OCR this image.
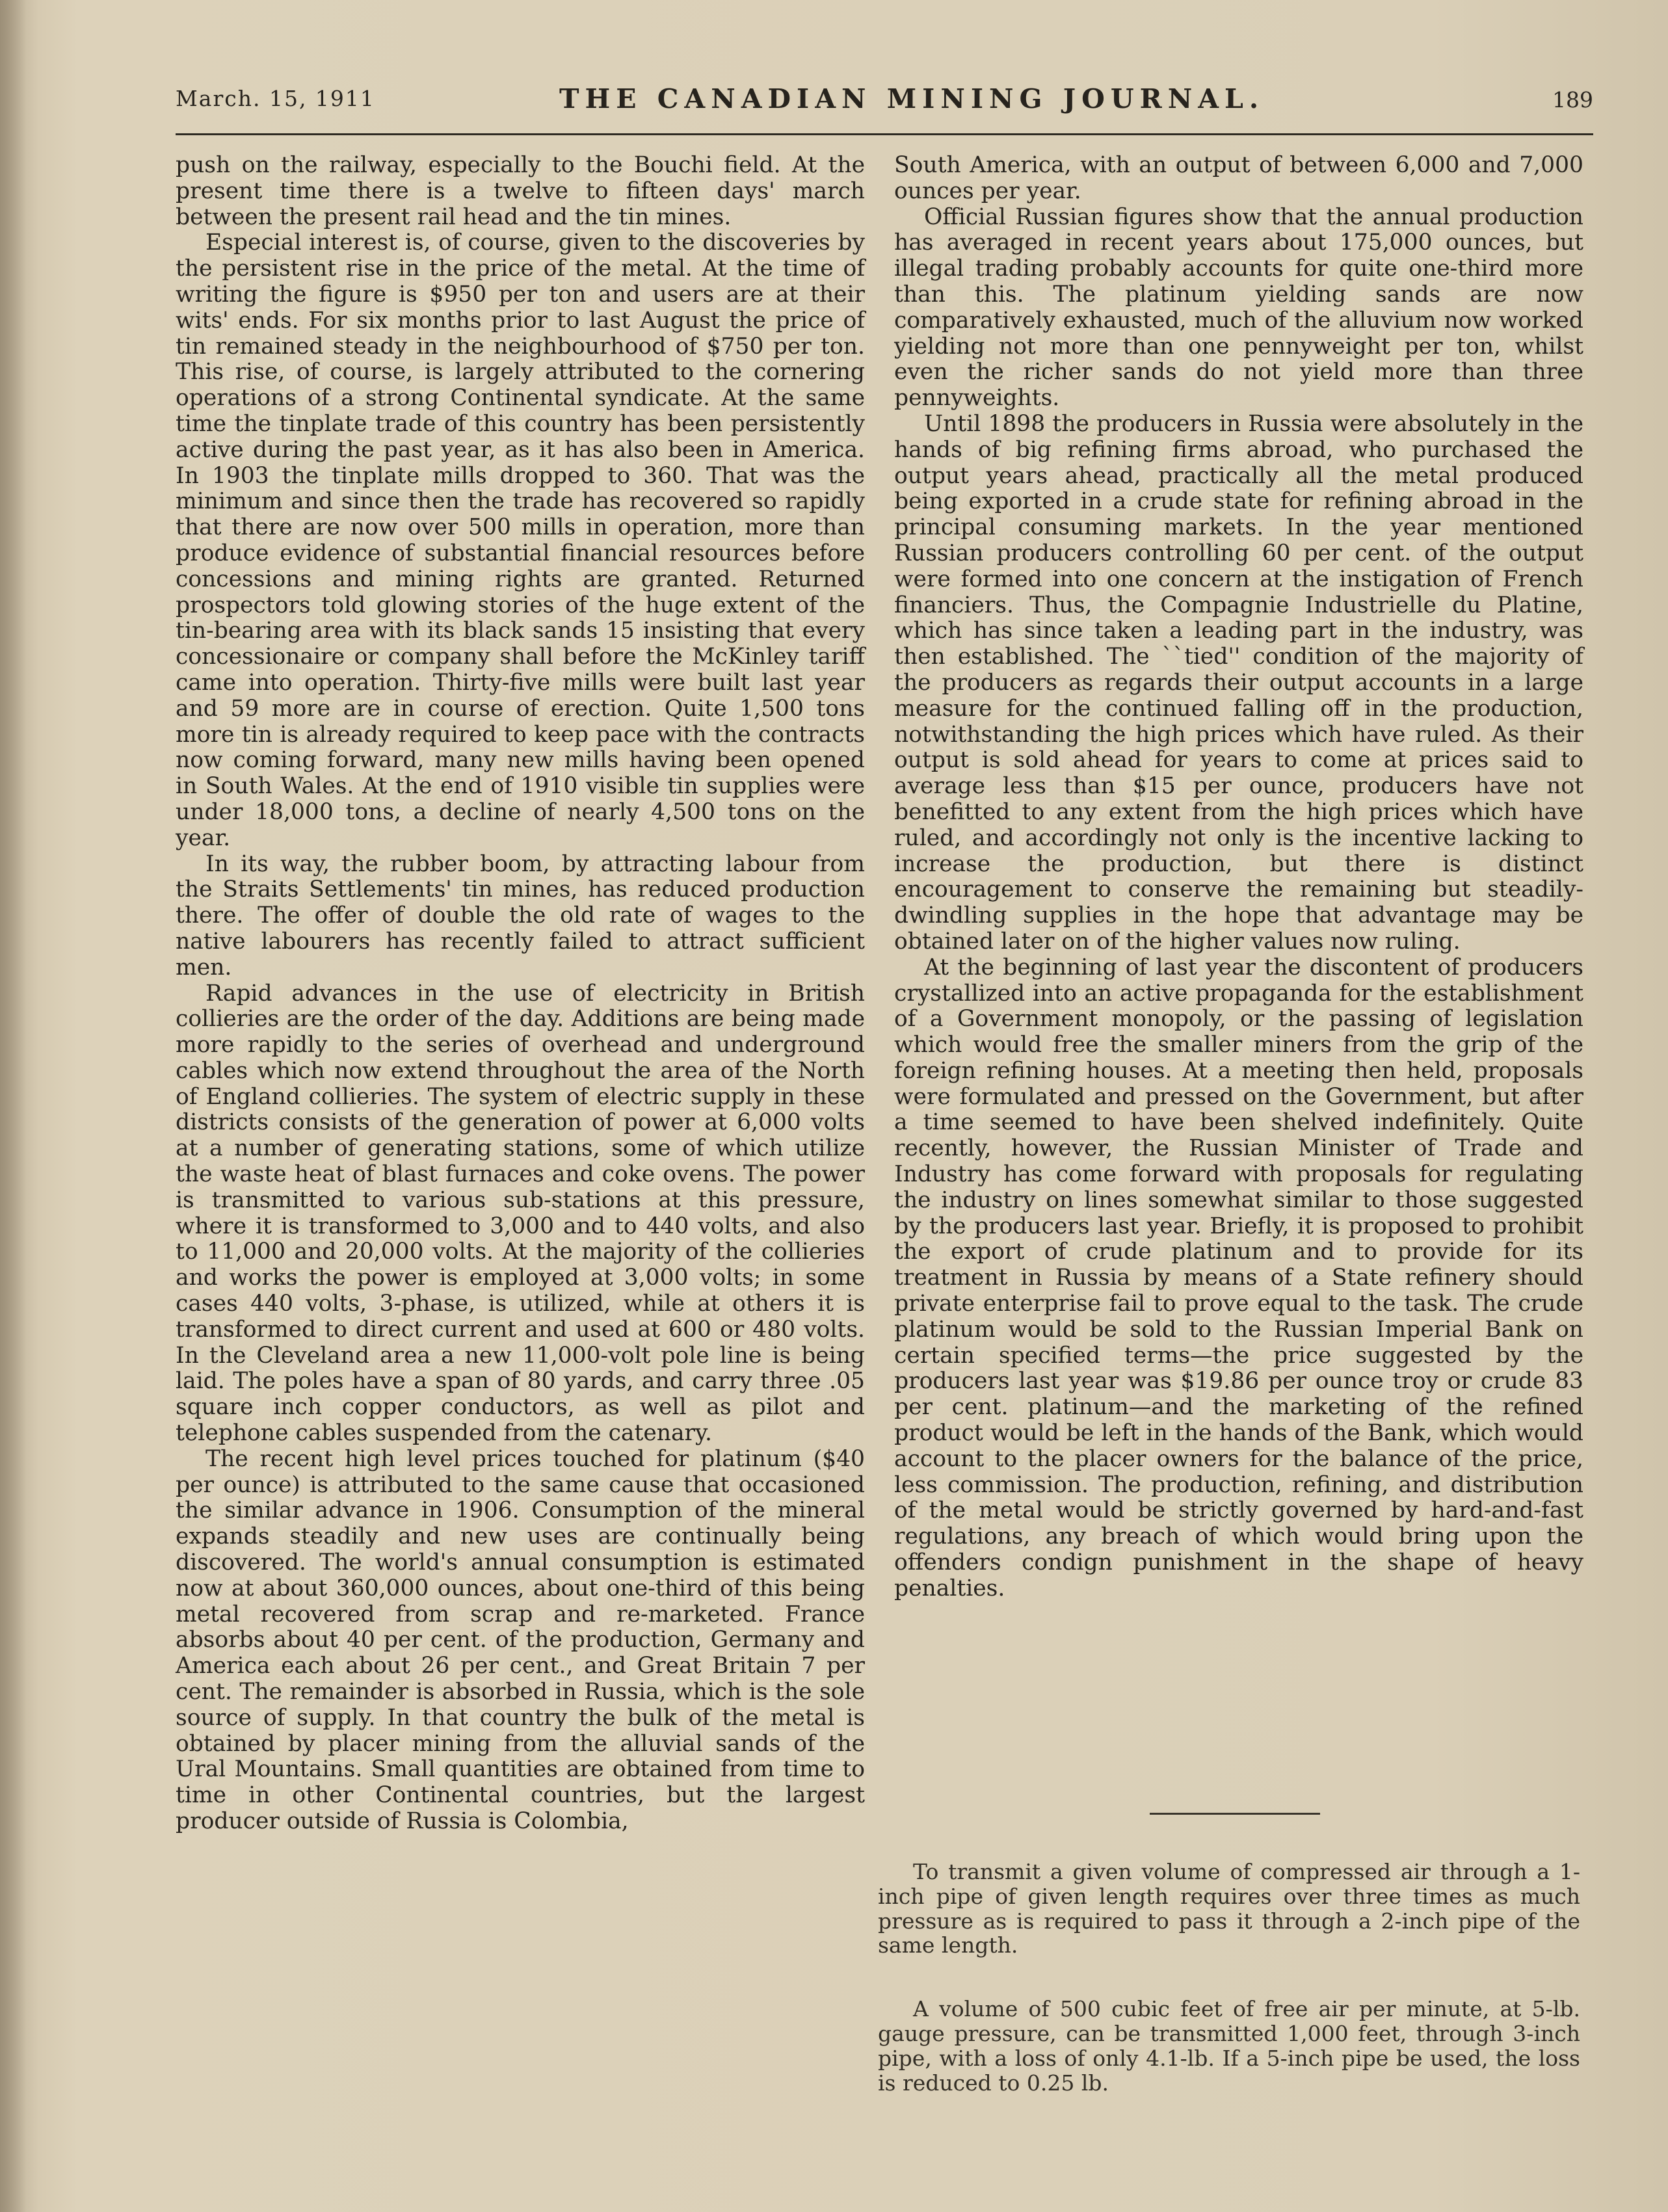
March. 15, 1911	THE CANADIAN MINING JOURNAL.	189

push on the railway, especially to the Bouchi field. At the present time there is a twelve to fifteen days' march between the present rail head and the tin mines.

Especial interest is, of course, given to the discoveries by the persistent rise in the price of the metal. At the time of writing the figure is $950 per ton and users are at their wits' ends. For six months prior to last August the price of tin remained steady in the neighbourhood of $750 per ton. This rise, of course, is largely attributed to the cornering operations of a strong Continental syndicate. At the same time the tinplate trade of this country has been persistently active during the past year, as it has also been in America. In 1903 the tinplate mills dropped to 360. That was the minimum and since then the trade has recovered so rapidly that there are now over 500 mills in operation, more than produce evidence of substantial financial resources before concessions and mining rights are granted. Returned prospectors told glowing stories of the huge extent of the tin-bearing area with its black sands 15 insisting that every concessionaire or company shall before the McKinley tariff came into operation. Thirty-five mills were built last year and 59 more are in course of erection. Quite 1,500 tons more tin is already required to keep pace with the contracts now coming forward, many new mills having been opened in South Wales. At the end of 1910 visible tin supplies were under 18,000 tons, a decline of nearly 4,500 tons on the year.

In its way, the rubber boom, by attracting labour from the Straits Settlements' tin mines, has reduced production there. The offer of double the old rate of wages to the native labourers has recently failed to attract sufficient men.

Rapid advances in the use of electricity in British collieries are the order of the day. Additions are being made more rapidly to the series of overhead and underground cables which now extend throughout the area of the North of England collieries. The system of electric supply in these districts consists of the generation of power at 6,000 volts at a number of generating stations, some of which utilize the waste heat of blast furnaces and coke ovens. The power is transmitted to various sub-stations at this pressure, where it is transformed to 3,000 and to 440 volts, and also to 11,000 and 20,000 volts. At the majority of the collieries and works the power is employed at 3,000 volts; in some cases 440 volts, 3-phase, is utilized, while at others it is transformed to direct current and used at 600 or 480 volts. In the Cleveland area a new 11,000-volt pole line is being laid. The poles have a span of 80 yards, and carry three .05 square inch copper conductors, as well as pilot and telephone cables suspended from the catenary.

The recent high level prices touched for platinum ($40 per ounce) is attributed to the same cause that occasioned the similar advance in 1906. Consumption of the mineral expands steadily and new uses are continually being discovered. The world's annual consumption is estimated now at about 360,000 ounces, about one-third of this being metal recovered from scrap and re-marketed. France absorbs about 40 per cent. of the production, Germany and America each about 26 per cent., and Great Britain 7 per cent. The remainder is absorbed in Russia, which is the sole source of supply. In that country the bulk of the metal is obtained by placer mining from the alluvial sands of the Ural Mountains. Small quantities are obtained from time to time in other Continental countries, but the largest producer outside of Russia is Colombia,

South America, with an output of between 6,000 and 7,000 ounces per year.

Official Russian figures show that the annual production has averaged in recent years about 175,000 ounces, but illegal trading probably accounts for quite one-third more than this. The platinum yielding sands are now comparatively exhausted, much of the alluvium now worked yielding not more than one pennyweight per ton, whilst even the richer sands do not yield more than three pennyweights.

Until 1898 the producers in Russia were absolutely in the hands of big refining firms abroad, who purchased the output years ahead, practically all the metal produced being exported in a crude state for refining abroad in the principal consuming markets. In the year mentioned Russian producers controlling 60 per cent. of the output were formed into one concern at the instigation of French financiers. Thus, the Compagnie Industrielle du Platine, which has since taken a leading part in the industry, was then established. The ``tied'' condition of the majority of the producers as regards their output accounts in a large measure for the continued falling off in the production, notwithstanding the high prices which have ruled. As their output is sold ahead for years to come at prices said to average less than $15 per ounce, producers have not benefitted to any extent from the high prices which have ruled, and accordingly not only is the incentive lacking to increase the production, but there is distinct encouragement to conserve the remaining but steadily-dwindling supplies in the hope that advantage may be obtained later on of the higher values now ruling.

At the beginning of last year the discontent of producers crystallized into an active propaganda for the establishment of a Government monopoly, or the passing of legislation which would free the smaller miners from the grip of the foreign refining houses. At a meeting then held, proposals were formulated and pressed on the Government, but after a time seemed to have been shelved indefinitely. Quite recently, however, the Russian Minister of Trade and Industry has come forward with proposals for regulating the industry on lines somewhat similar to those suggested by the producers last year. Briefly, it is proposed to prohibit the export of crude platinum and to provide for its treatment in Russia by means of a State refinery should private enterprise fail to prove equal to the task. The crude platinum would be sold to the Russian Imperial Bank on certain specified terms—the price suggested by the producers last year was $19.86 per ounce troy or crude 83 per cent. platinum—and the marketing of the refined product would be left in the hands of the Bank, which would account to the placer owners for the balance of the price, less commission. The production, refining, and distribution of the metal would be strictly governed by hard-and-fast regulations, any breach of which would bring upon the offenders condign punishment in the shape of heavy penalties.

To transmit a given volume of compressed air through a 1-inch pipe of given length requires over three times as much pressure as is required to pass it through a 2-inch pipe of the same length.

A volume of 500 cubic feet of free air per minute, at 5-lb. gauge pressure, can be transmitted 1,000 feet, through 3-inch pipe, with a loss of only 4.1-lb. If a 5-inch pipe be used, the loss is reduced to 0.25 lb.
